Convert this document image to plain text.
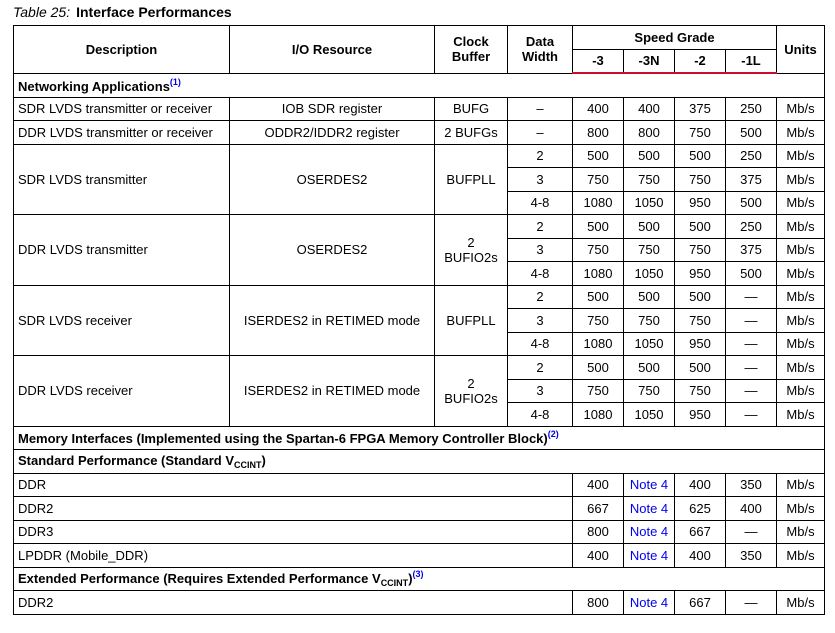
Table 25: Interface Performances
Description	I/O Resource	Clock Buffer	Data Width	Speed Grade				Units
				-3	-3N	-2	-1L	
Networking Applications$^{(1)}$
SDR LVDS transmitter or receiver	IOB SDR register	BUFG	–	400	400	375	250	Mb/s
DDR LVDS transmitter or receiver	ODDR2/IDDR2 register	2 BUFGs	–	800	800	750	500	Mb/s
SDR LVDS transmitter	OSERDES2	BUFPLL	2	500	500	500	250	Mb/s
			3	750	750	750	375	Mb/s
			4-8	1080	1050	950	500	Mb/s
DDR LVDS transmitter	OSERDES2	2 BUFIO2s	2	500	500	500	250	Mb/s
			3	750	750	750	375	Mb/s
			4-8	1080	1050	950	500	Mb/s
SDR LVDS receiver	ISERDES2 in RETIMED mode	BUFPLL	2	500	500	500	—	Mb/s
			3	750	750	750	—	Mb/s
			4-8	1080	1050	950	—	Mb/s
DDR LVDS receiver	ISERDES2 in RETIMED mode	2 BUFIO2s	2	500	500	500	—	Mb/s
			3	750	750	750	—	Mb/s
			4-8	1080	1050	950	—	Mb/s
Memory Interfaces (Implemented using the Spartan-6 FPGA Memory Controller Block)$^{(2)}$
Standard Performance (Standard $V_{CCINT}$)								
DDR				400	Note 4	400	350	Mb/s
DDR2				667	Note 4	625	400	Mb/s
DDR3				800	Note 4	667	—	Mb/s
LPDDR (Mobile_DDR)				400	Note 4	400	350	Mb/s
Extended Performance (Requires Extended Performance $V_{CCINT})^{(3)}$
DDR2				800	Note 4	667	—	Mb/s
